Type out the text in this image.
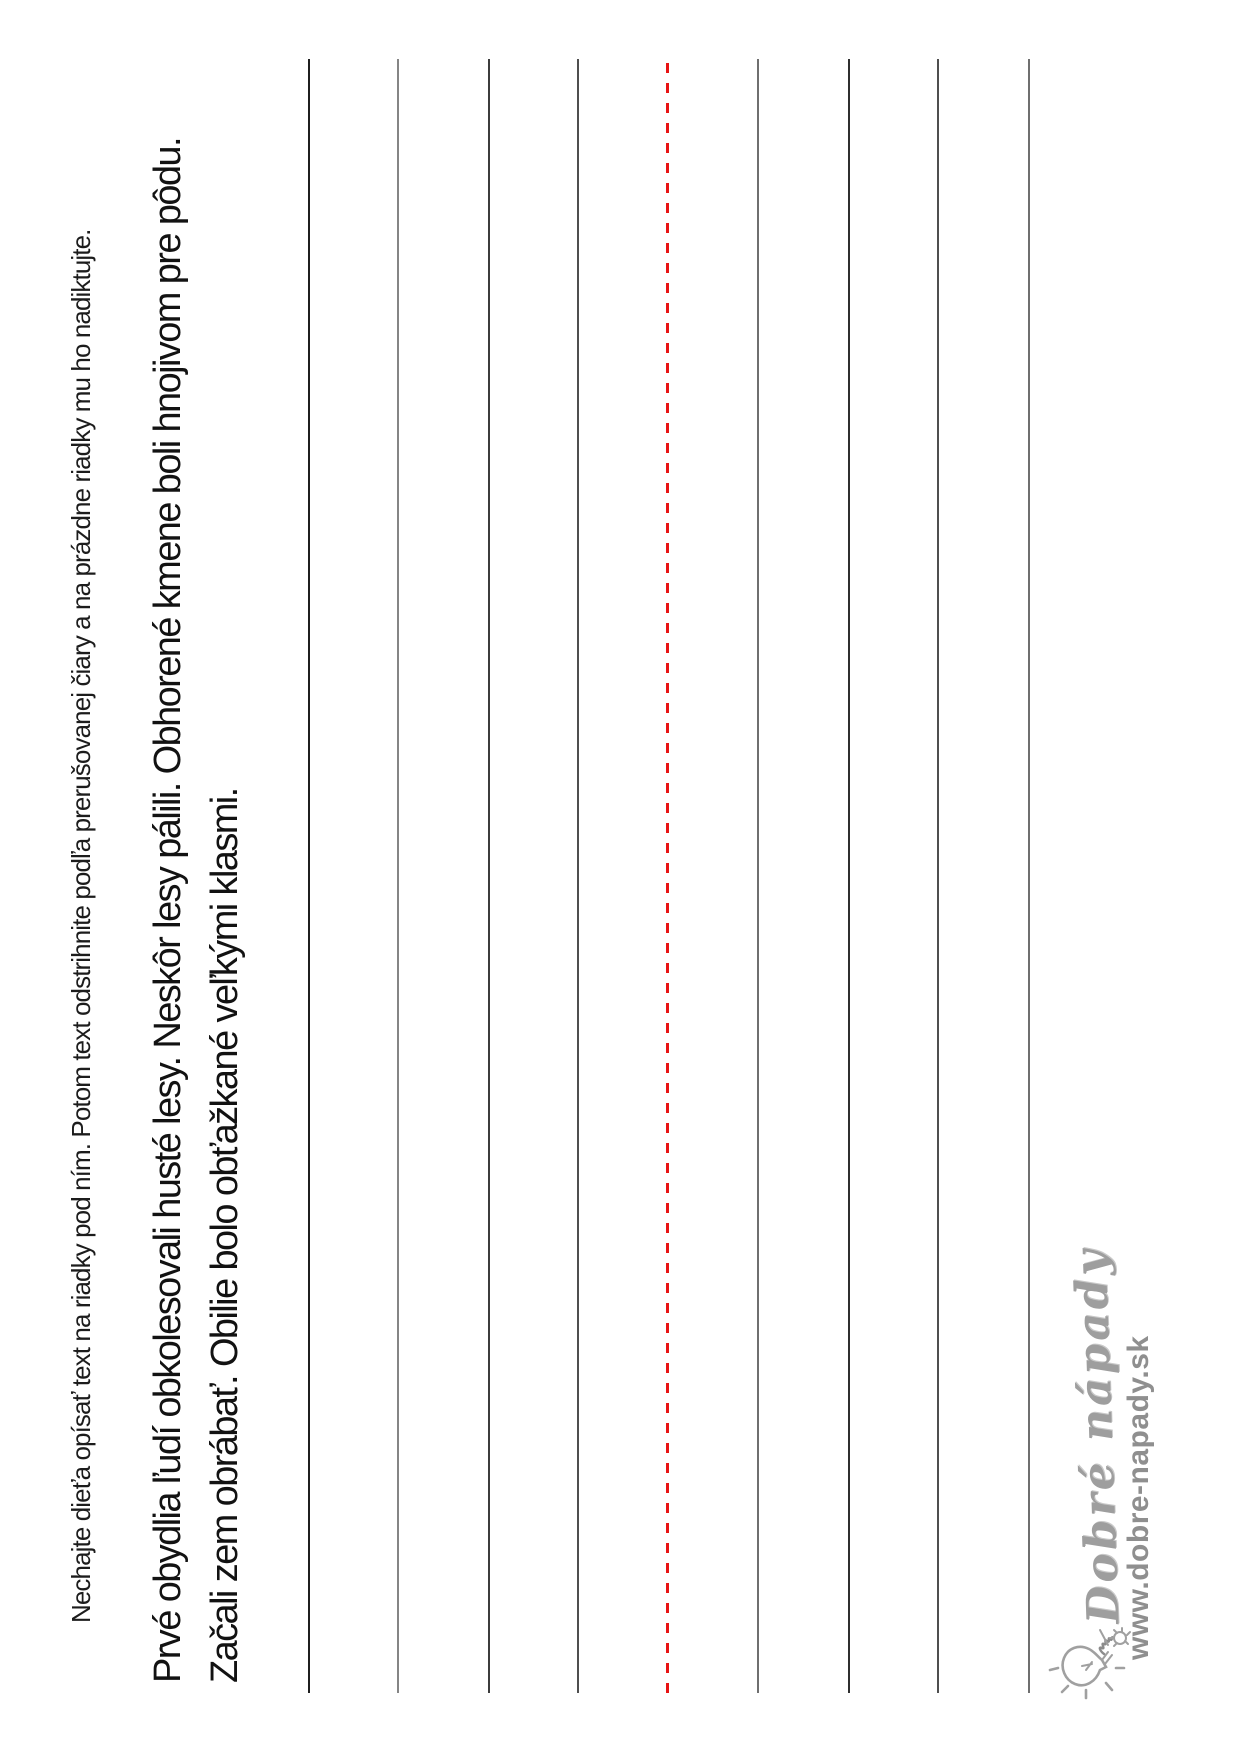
Nechajte dieťa opísať text na riadky pod ním. Potom text odstrihnite podľa prerušovanej čiary a na prázdne riadky mu ho nadiktujte. Prvé obydlia ľudí obkolesovali husté lesy. Neskôr lesy pálili. Obhorené kmene boli hnojivom pre pôdu. Začali zem obrábať. Obilie bolo obťažkané veľkými klasmi.	Dobré nápady
www.dobre-napady.sk
